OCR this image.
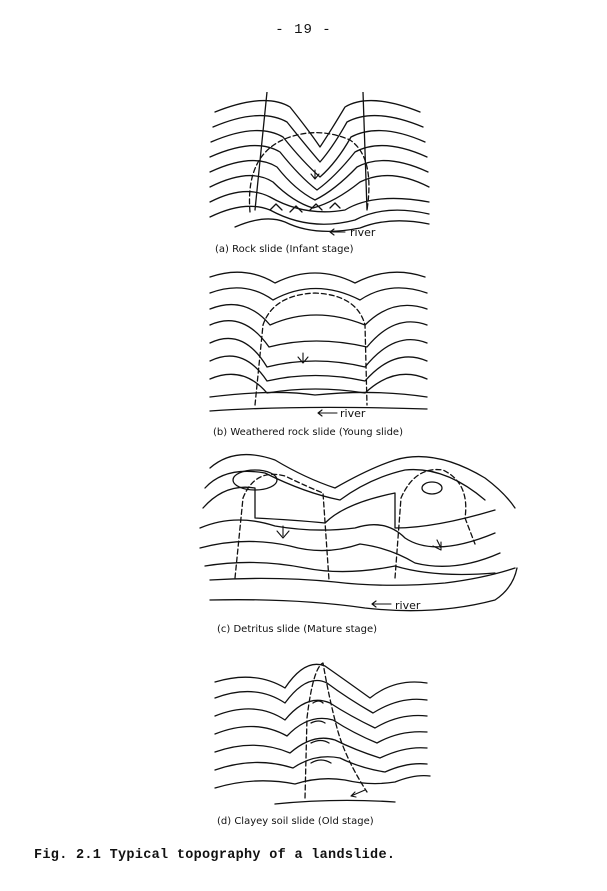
- 19 -
river
(a) Rock slide (Infant stage)
river
(b) Weathered rock slide (Young slide)
river
(c) Detritus slide (Mature stage)
(d) Clayey soil slide (Old stage)
Fig. 2.1 Typical topography of a landslide.
